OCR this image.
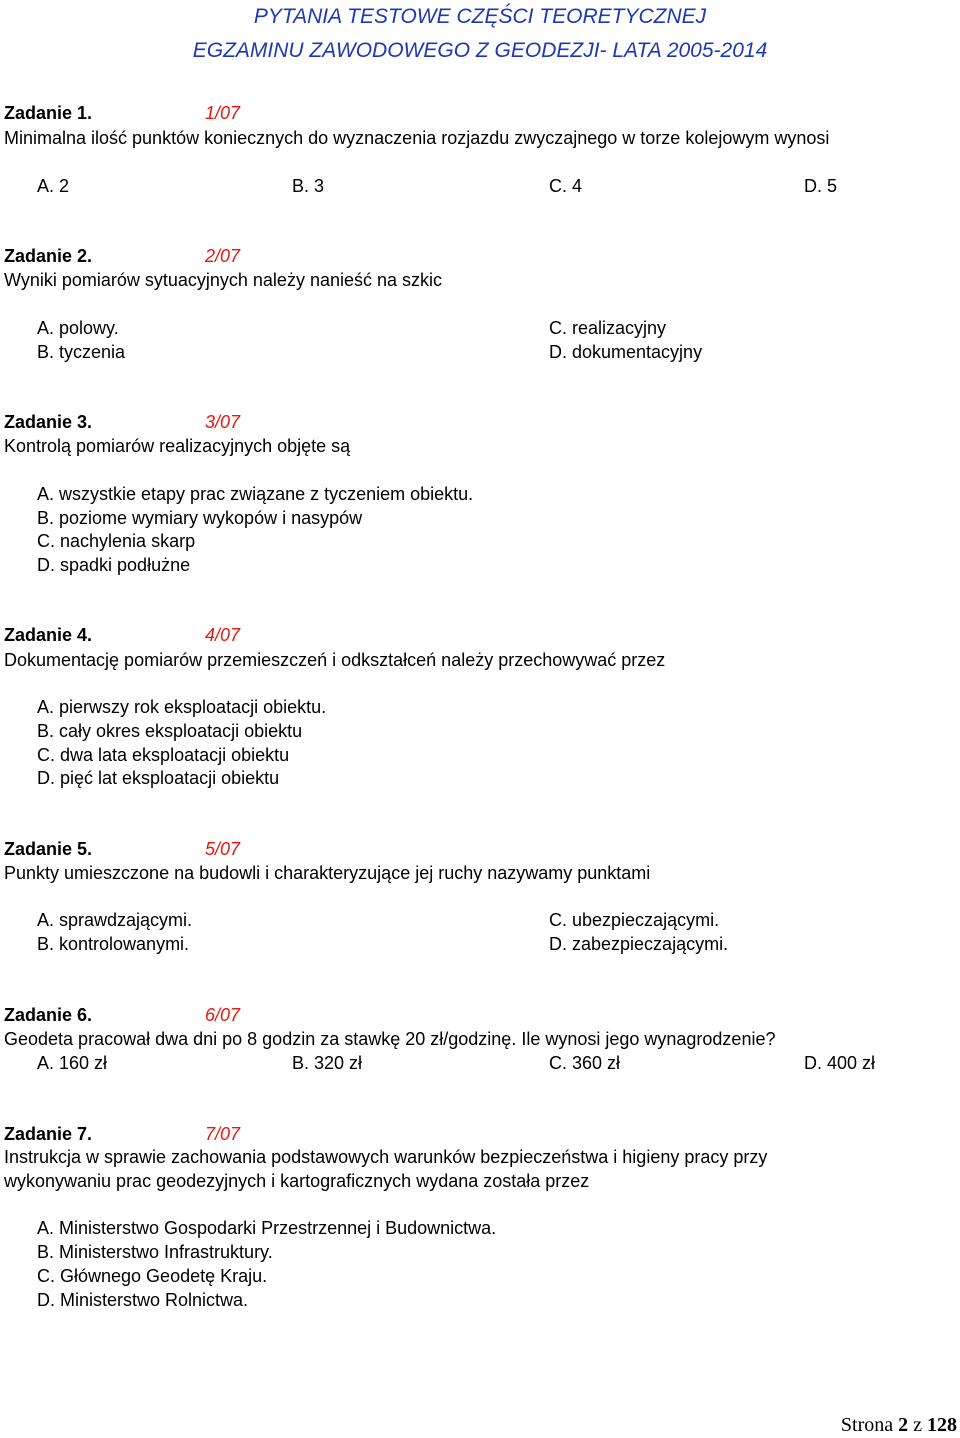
PYTANIA TESTOWE CZĘŚCI TEORETYCZNEJ
EGZAMINU ZAWODOWEGO Z GEODEZJI- LATA 2005-2014
Zadanie 1.	1/07
Minimalna ilość punktów koniecznych do wyznaczenia rozjazdu zwyczajnego w torze kolejowym wynosi
A. 2	B. 3	C. 4	D. 5
Zadanie 2.	2/07
Wyniki pomiarów sytuacyjnych należy nanieść na szkic
A. polowy.
B. tyczenia
C. realizacyjny
D. dokumentacyjny
Zadanie 3.	3/07
Kontrolą pomiarów realizacyjnych objęte są
A. wszystkie etapy prac związane z tyczeniem obiektu.
B. poziome wymiary wykopów i nasypów
C. nachylenia skarp
D. spadki podłużne
Zadanie 4.	4/07
Dokumentację pomiarów przemieszczeń i odkształceń należy przechowywać przez
A. pierwszy rok eksploatacji obiektu.
B. cały okres eksploatacji obiektu
C. dwa lata eksploatacji obiektu
D. pięć lat eksploatacji obiektu
Zadanie 5.	5/07
Punkty umieszczone na budowli i charakteryzujące jej ruchy nazywamy punktami
A. sprawdzającymi.
B. kontrolowanymi.
C. ubezpieczającymi.
D. zabezpieczającymi.
Zadanie 6.	6/07
Geodeta pracował dwa dni po 8 godzin za stawkę 20 zł/godzinę. Ile wynosi jego wynagrodzenie?
A. 160 zł	B. 320 zł	C. 360 zł	D. 400 zł
Zadanie 7.	7/07
Instrukcja w sprawie zachowania podstawowych warunków bezpieczeństwa i higieny pracy przy
wykonywaniu prac geodezyjnych i kartograficznych wydana została przez
A. Ministerstwo Gospodarki Przestrzennej i Budownictwa.
B. Ministerstwo Infrastruktury.
C. Głównego Geodetę Kraju.
D. Ministerstwo Rolnictwa.
Strona 2 z 128
